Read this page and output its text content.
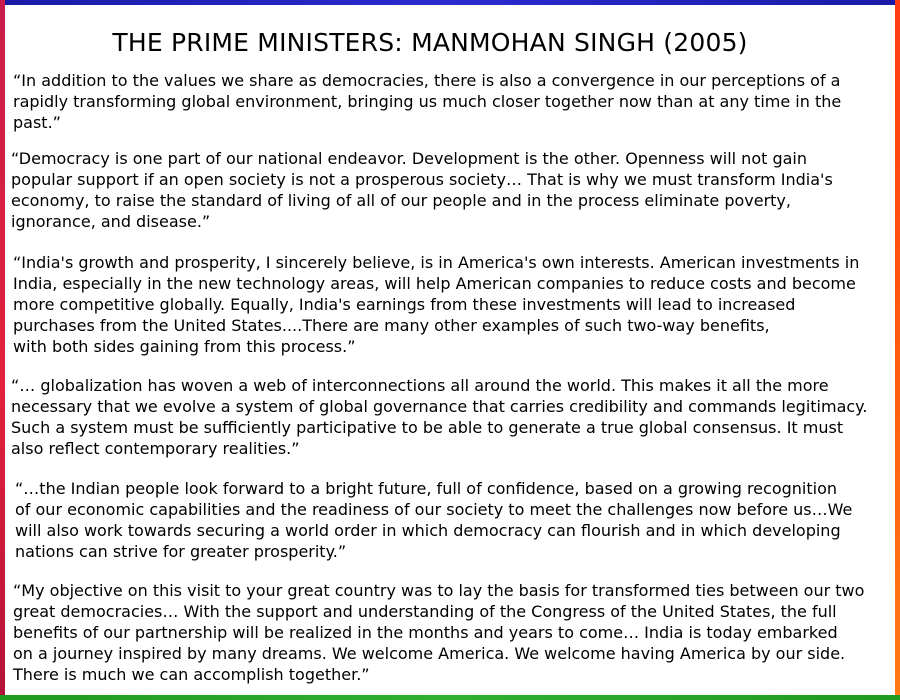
THE PRIME MINISTERS: MANMOHAN SINGH (2005)
“In addition to the values we share as democracies, there is also a convergence in our perceptions of a
rapidly transforming global environment, bringing us much closer together now than at any time in the
past.”
“Democracy is one part of our national endeavor. Development is the other. Openness will not gain
popular support if an open society is not a prosperous society… That is why we must transform India's
economy, to raise the standard of living of all of our people and in the process eliminate poverty,
ignorance, and disease.”
“India's growth and prosperity, I sincerely believe, is in America's own interests. American investments in
India, especially in the new technology areas, will help American companies to reduce costs and become
more competitive globally. Equally, India's earnings from these investments will lead to increased
purchases from the United States....There are many other examples of such two-way benefits,
with both sides gaining from this process.”
“… globalization has woven a web of interconnections all around the world. This makes it all the more
necessary that we evolve a system of global governance that carries credibility and commands legitimacy.
Such a system must be sufficiently participative to be able to generate a true global consensus. It must
also reflect contemporary realities.”
“…the Indian people look forward to a bright future, full of confidence, based on a growing recognition
of our economic capabilities and the readiness of our society to meet the challenges now before us…We
will also work towards securing a world order in which democracy can flourish and in which developing
nations can strive for greater prosperity.”
“My objective on this visit to your great country was to lay the basis for transformed ties between our two
great democracies… With the support and understanding of the Congress of the United States, the full
benefits of our partnership will be realized in the months and years to come… India is today embarked
on a journey inspired by many dreams. We welcome America. We welcome having America by our side.
There is much we can accomplish together.”
